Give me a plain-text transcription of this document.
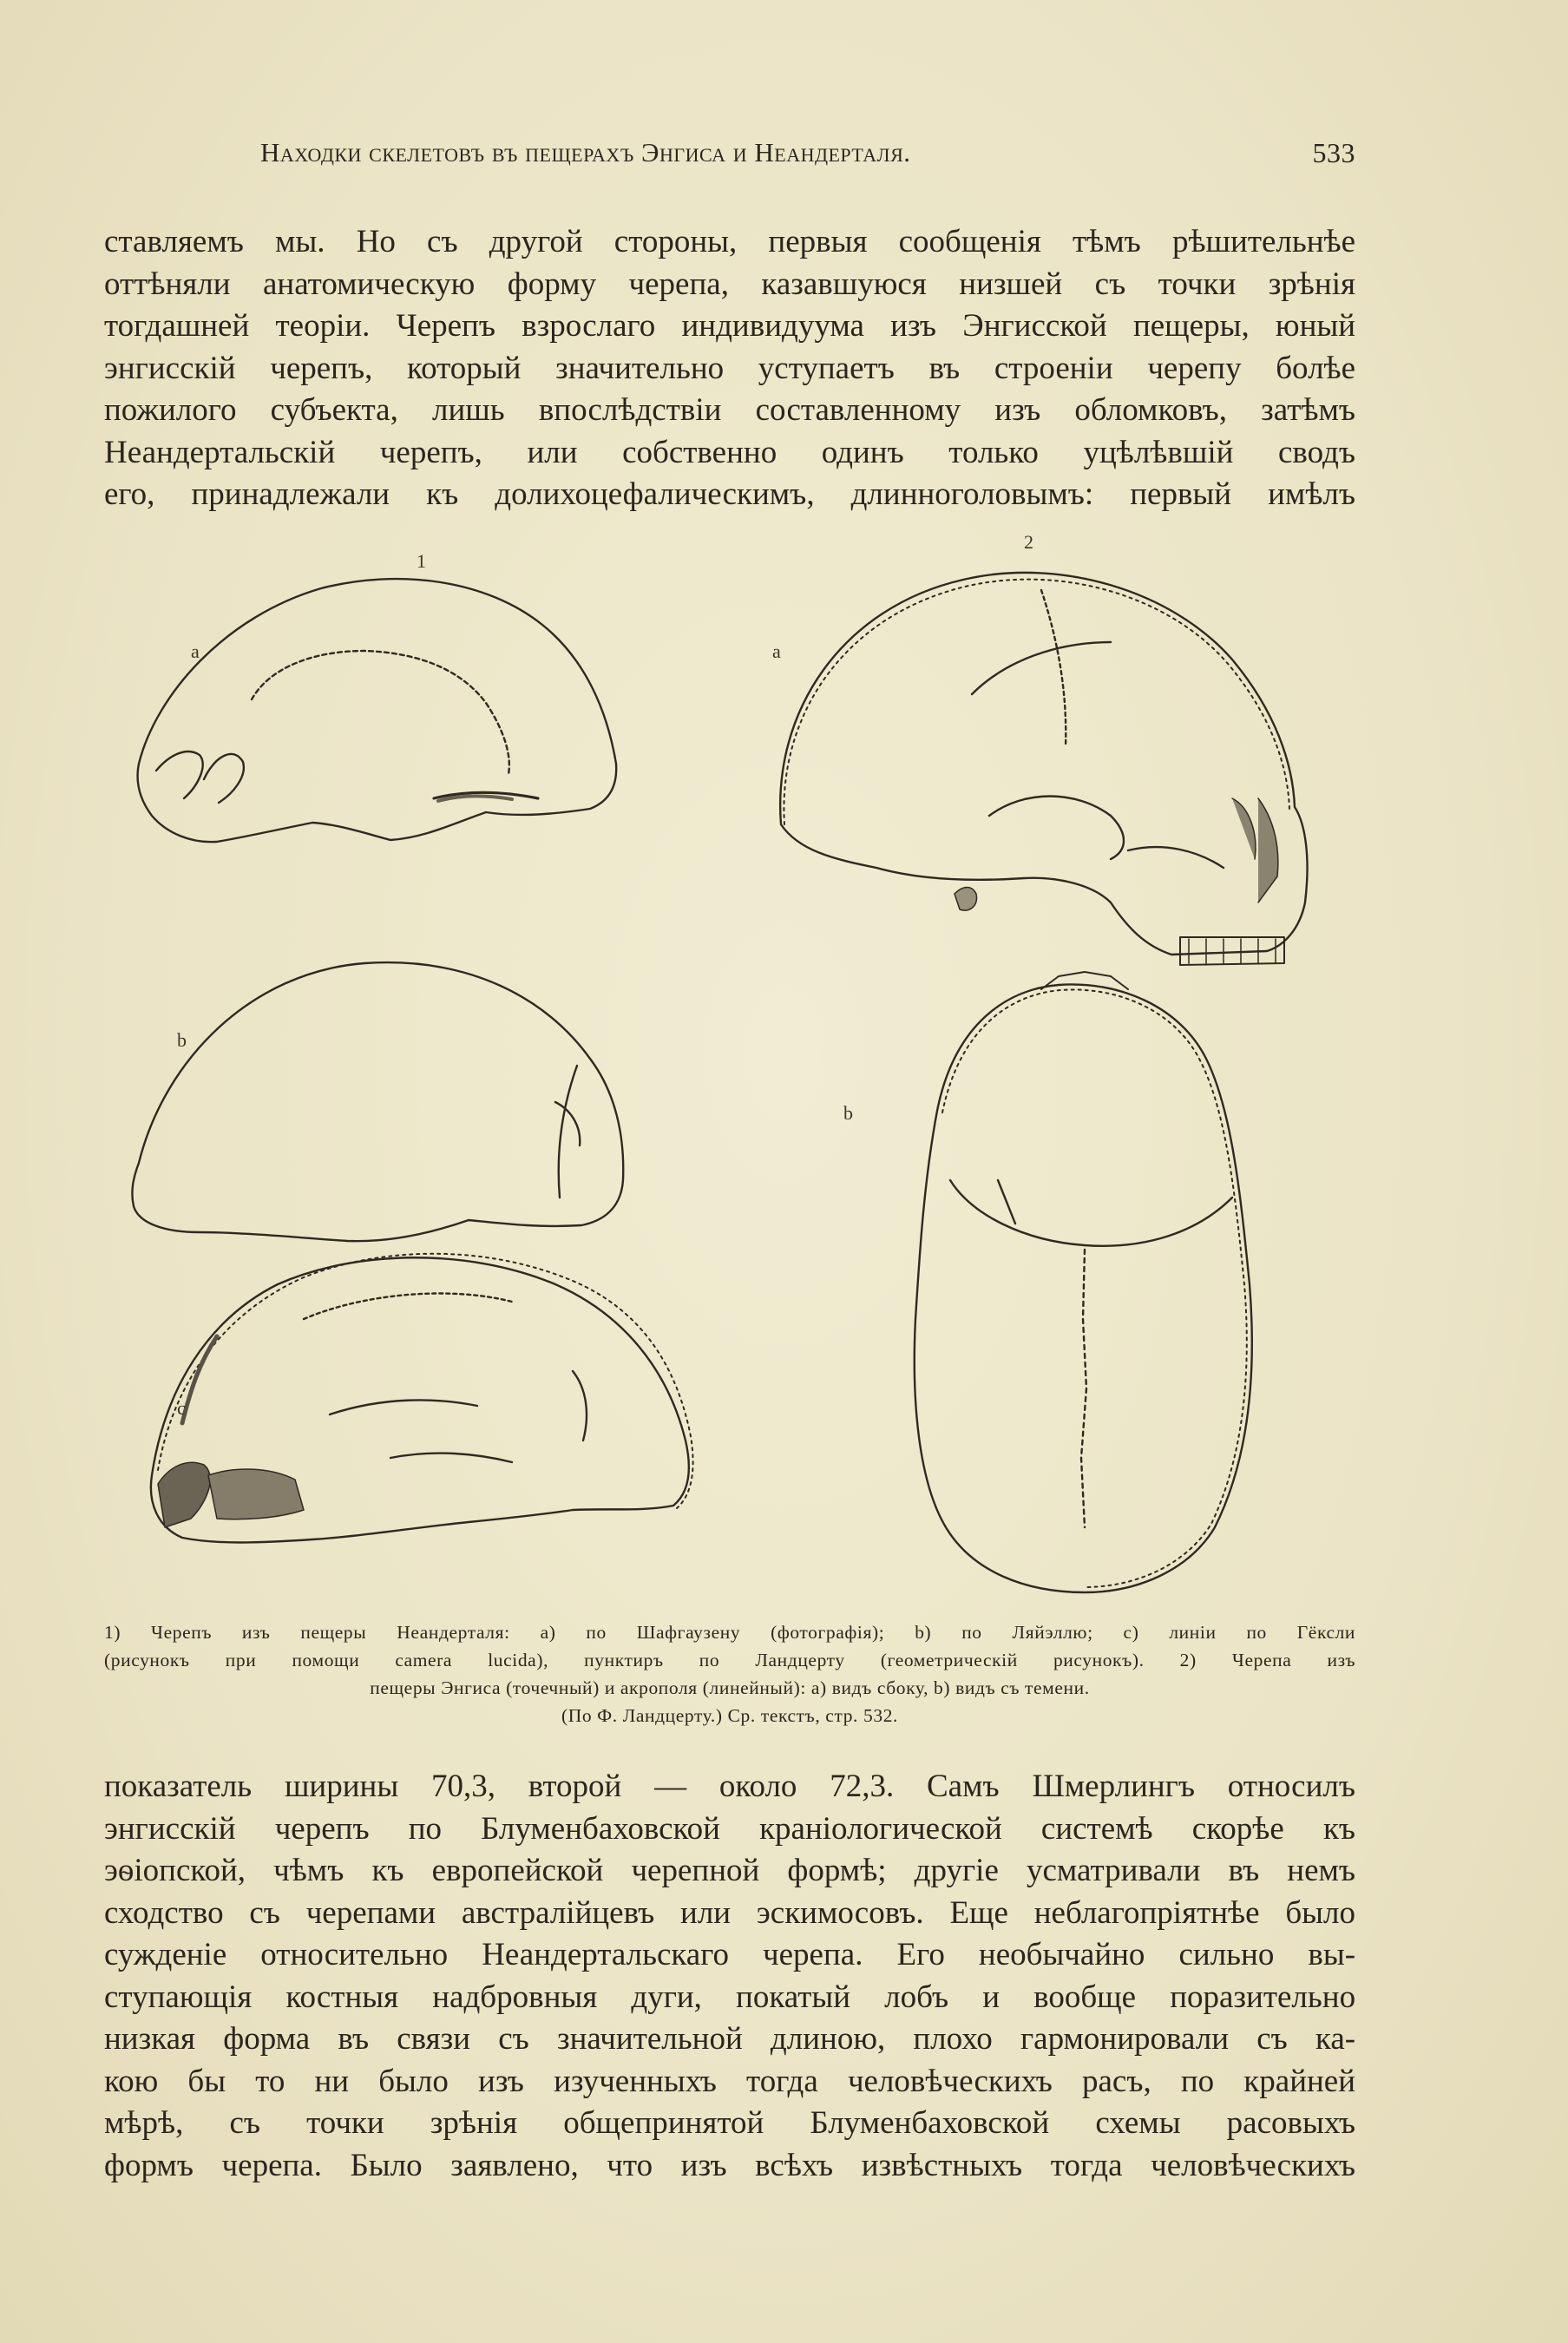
Находки скелетовъ въ пещерахъ Энгиса и Неандерталя.	533
ставляемъ мы. Но съ другой стороны, первыя сообщенія тѣмъ рѣшительнѣе
оттѣняли анатомическую форму черепа, казавшуюся низшей съ точки зрѣнія
тогдашней теоріи. Черепъ взрослаго индивидуума изъ Энгисской пещеры, юный
энгисскій черепъ, который значительно уступаетъ въ строеніи черепу болѣе
пожилого субъекта, лишь впослѣдствіи составленному изъ обломковъ, затѣмъ
Неандертальскій черепъ, или собственно одинъ только уцѣлѣвшій сводъ
его, принадлежали къ долихоцефалическимъ, длинноголовымъ: первый имѣлъ
1
2
a	a
b
b
c
1) Черепъ изъ пещеры Неандерталя: a) по Шафгаузену (фотографія); b) по Ляйэллю; c) линіи по Гёксли
(рисунокъ при помощи camera lucida), пунктиръ по Ландцерту (геометрическій рисунокъ). 2) Черепа изъ
пещеры Энгиса (точечный) и акрополя (линейный): a) видъ сбоку, b) видъ съ темени.
(По Ф. Ландцерту.) Ср. текстъ, стр. 532.
показатель ширины 70,3, второй — около 72,3. Самъ Шмерлингъ относилъ
энгисскій черепъ по Блуменбаховской краніологической системѣ скорѣе къ
эѳіопской, чѣмъ къ европейской черепной формѣ; другіе усматривали въ немъ
сходство съ черепами австралійцевъ или эскимосовъ. Еще неблагопріятнѣе было
сужденіе относительно Неандертальскаго черепа. Его необычайно сильно вы-
ступающія костныя надбровныя дуги, покатый лобъ и вообще поразительно
низкая форма въ связи съ значительной длиною, плохо гармонировали съ ка-
кою бы то ни было изъ изученныхъ тогда человѣческихъ расъ, по крайней
мѣрѣ, съ точки зрѣнія общепринятой Блуменбаховской схемы расовыхъ
формъ черепа. Было заявлено, что изъ всѣхъ извѣстныхъ тогда человѣческихъ
